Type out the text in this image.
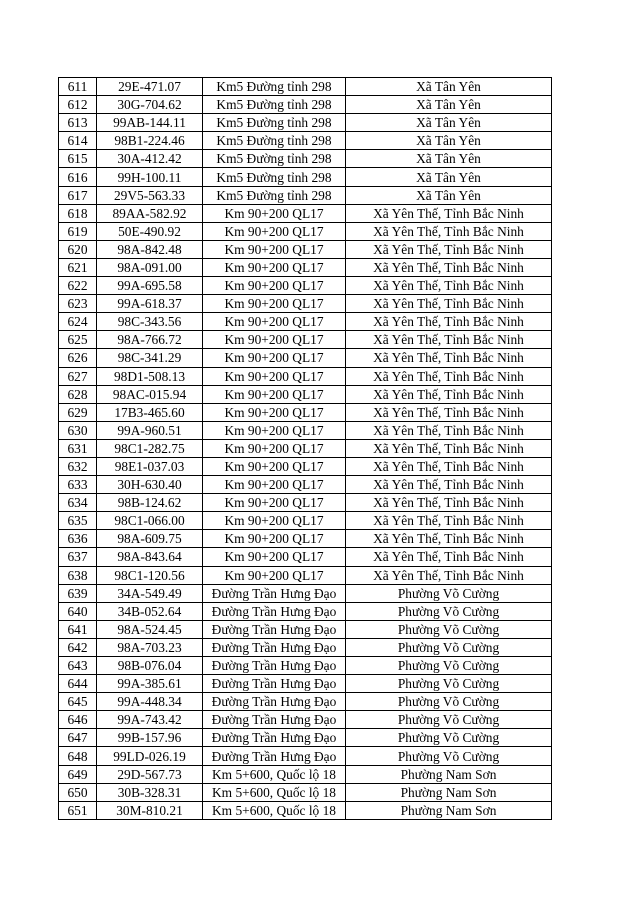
611	29E-471.07	Km5 Đường tỉnh 298	Xã Tân Yên
612	30G-704.62	Km5 Đường tỉnh 298	Xã Tân Yên
613	99AB-144.11	Km5 Đường tỉnh 298	Xã Tân Yên
614	98B1-224.46	Km5 Đường tỉnh 298	Xã Tân Yên
615	30A-412.42	Km5 Đường tỉnh 298	Xã Tân Yên
616	99H-100.11	Km5 Đường tỉnh 298	Xã Tân Yên
617	29V5-563.33	Km5 Đường tỉnh 298	Xã Tân Yên
618	89AA-582.92	Km 90+200 QL17	Xã Yên Thế, Tỉnh Bắc Ninh
619	50E-490.92	Km 90+200 QL17	Xã Yên Thế, Tỉnh Bắc Ninh
620	98A-842.48	Km 90+200 QL17	Xã Yên Thế, Tỉnh Bắc Ninh
621	98A-091.00	Km 90+200 QL17	Xã Yên Thế, Tỉnh Bắc Ninh
622	99A-695.58	Km 90+200 QL17	Xã Yên Thế, Tỉnh Bắc Ninh
623	99A-618.37	Km 90+200 QL17	Xã Yên Thế, Tỉnh Bắc Ninh
624	98C-343.56	Km 90+200 QL17	Xã Yên Thế, Tỉnh Bắc Ninh
625	98A-766.72	Km 90+200 QL17	Xã Yên Thế, Tỉnh Bắc Ninh
626	98C-341.29	Km 90+200 QL17	Xã Yên Thế, Tỉnh Bắc Ninh
627	98D1-508.13	Km 90+200 QL17	Xã Yên Thế, Tỉnh Bắc Ninh
628	98AC-015.94	Km 90+200 QL17	Xã Yên Thế, Tỉnh Bắc Ninh
629	17B3-465.60	Km 90+200 QL17	Xã Yên Thế, Tỉnh Bắc Ninh
630	99A-960.51	Km 90+200 QL17	Xã Yên Thế, Tỉnh Bắc Ninh
631	98C1-282.75	Km 90+200 QL17	Xã Yên Thế, Tỉnh Bắc Ninh
632	98E1-037.03	Km 90+200 QL17	Xã Yên Thế, Tỉnh Bắc Ninh
633	30H-630.40	Km 90+200 QL17	Xã Yên Thế, Tỉnh Bắc Ninh
634	98B-124.62	Km 90+200 QL17	Xã Yên Thế, Tỉnh Bắc Ninh
635	98C1-066.00	Km 90+200 QL17	Xã Yên Thế, Tỉnh Bắc Ninh
636	98A-609.75	Km 90+200 QL17	Xã Yên Thế, Tỉnh Bắc Ninh
637	98A-843.64	Km 90+200 QL17	Xã Yên Thế, Tỉnh Bắc Ninh
638	98C1-120.56	Km 90+200 QL17	Xã Yên Thế, Tỉnh Bắc Ninh
639	34A-549.49	Đường Trần Hưng Đạo	Phường Võ Cường
640	34B-052.64	Đường Trần Hưng Đạo	Phường Võ Cường
641	98A-524.45	Đường Trần Hưng Đạo	Phường Võ Cường
642	98A-703.23	Đường Trần Hưng Đạo	Phường Võ Cường
643	98B-076.04	Đường Trần Hưng Đạo	Phường Võ Cường
644	99A-385.61	Đường Trần Hưng Đạo	Phường Võ Cường
645	99A-448.34	Đường Trần Hưng Đạo	Phường Võ Cường
646	99A-743.42	Đường Trần Hưng Đạo	Phường Võ Cường
647	99B-157.96	Đường Trần Hưng Đạo	Phường Võ Cường
648	99LD-026.19	Đường Trần Hưng Đạo	Phường Võ Cường
649	29D-567.73	Km 5+600, Quốc lộ 18	Phường Nam Sơn
650	30B-328.31	Km 5+600, Quốc lộ 18	Phường Nam Sơn
651	30M-810.21	Km 5+600, Quốc lộ 18	Phường Nam Sơn
